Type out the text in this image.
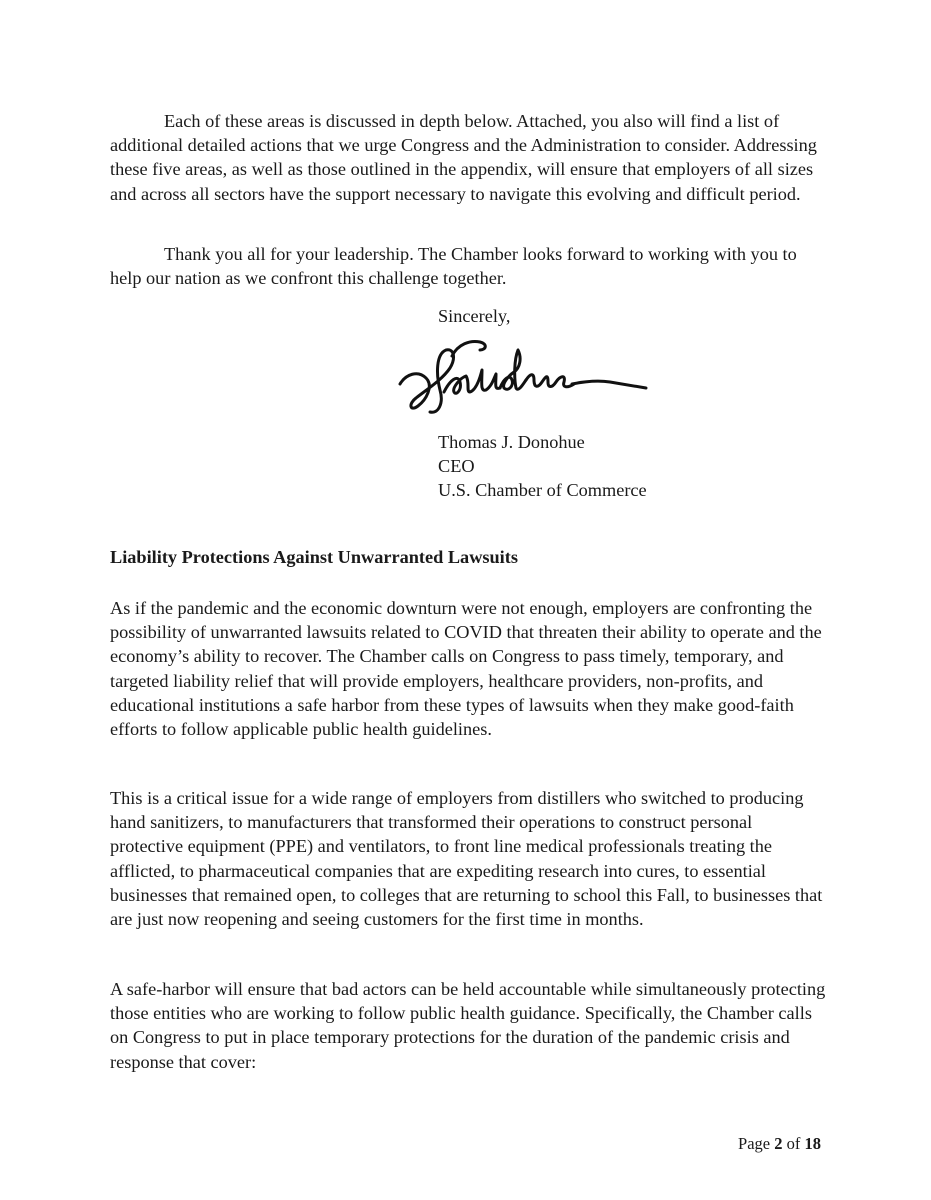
Each of these areas is discussed in depth below. Attached, you also will find a list of additional detailed actions that we urge Congress and the Administration to consider. Addressing these five areas, as well as those outlined in the appendix, will ensure that employers of all sizes and across all sectors have the support necessary to navigate this evolving and difficult period.

Thank you all for your leadership. The Chamber looks forward to working with you to help our nation as we confront this challenge together.

Sincerely,

Thomas J. Donohue
CEO
U.S. Chamber of Commerce
Liability Protections Against Unwarranted Lawsuits

As if the pandemic and the economic downturn were not enough, employers are confronting the possibility of unwarranted lawsuits related to COVID that threaten their ability to operate and the economy’s ability to recover. The Chamber calls on Congress to pass timely, temporary, and targeted liability relief that will provide employers, healthcare providers, non-profits, and educational institutions a safe harbor from these types of lawsuits when they make good-faith efforts to follow applicable public health guidelines.

This is a critical issue for a wide range of employers from distillers who switched to producing hand sanitizers, to manufacturers that transformed their operations to construct personal protective equipment (PPE) and ventilators, to front line medical professionals treating the afflicted, to pharmaceutical companies that are expediting research into cures, to essential businesses that remained open, to colleges that are returning to school this Fall, to businesses that are just now reopening and seeing customers for the first time in months.

A safe-harbor will ensure that bad actors can be held accountable while simultaneously protecting those entities who are working to follow public health guidance. Specifically, the Chamber calls on Congress to put in place temporary protections for the duration of the pandemic crisis and response that cover:

Page 2 of 18
